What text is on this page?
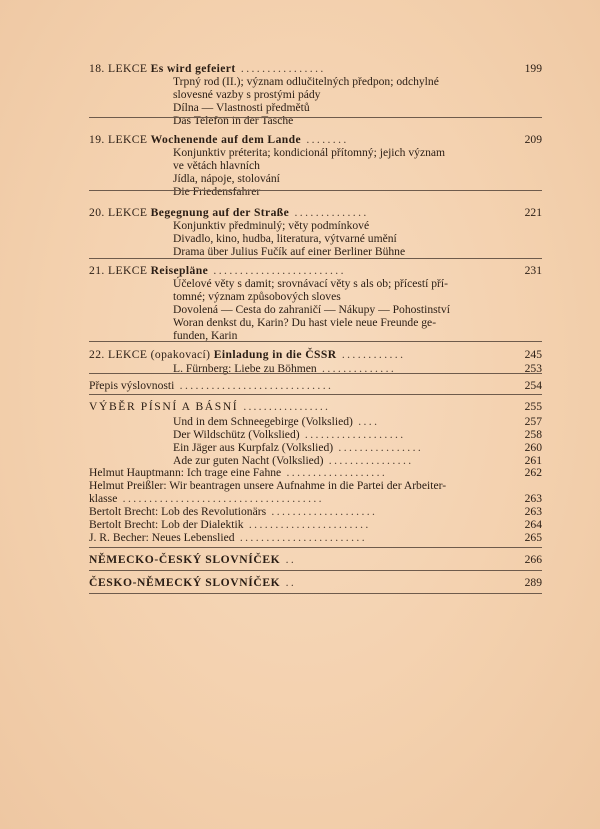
18. LEKCE Es wird gefeiert ................	199
Trpný rod (II.); význam odlučitelných předpon; odchylné
slovesné vazby s prostými pády
Dílna — Vlastnosti předmětů
Das Telefon in der Tasche
19. LEKCE Wochenende auf dem Lande ........	209
Konjunktiv préterita; kondicionál přítomný; jejich význam
ve větách hlavních
Jídla, nápoje, stolování
Die Friedensfahrer
20. LEKCE Begegnung auf der Straße ..............	221
Konjunktiv předminulý; věty podmínkové
Divadlo, kino, hudba, literatura, výtvarné umění
Drama über Julius Fučík auf einer Berliner Bühne
21. LEKCE Reisepläne .........................	231
Účelové věty s damit; srovnávací věty s als ob; přícestí pří-
tomné; význam způsobových sloves
Dovolená — Cesta do zahraničí — Nákupy — Pohostinství
Woran denkst du, Karin? Du hast viele neue Freunde ge-
funden, Karin
22. LEKCE (opakovací) Einladung in die ČSSR ............	245
L. Fürnberg: Liebe zu Böhmen ..............	253
Přepis výslovnosti .............................	254
VÝBĚR PÍSNÍ A BÁSNÍ .................	255
Und in dem Schneegebirge (Volkslied) ....	257
Der Wildschütz (Volkslied) ...................	258
Ein Jäger aus Kurpfalz (Volkslied) ................	260
Ade zur guten Nacht (Volkslied) ................	261
Helmut Hauptmann: Ich trage eine Fahne ...................	262
Helmut Preißler: Wir beantragen unsere Aufnahme in die Partei der Arbeiter-
klasse ......................................	263
Bertolt Brecht: Lob des Revolutionärs ....................	263
Bertolt Brecht: Lob der Dialektik .......................	264
J. R. Becher: Neues Lebenslied ........................	265
NĚMECKO-ČESKÝ SLOVNÍČEK ..	266
ČESKO-NĚMECKÝ SLOVNÍČEK ..	289
